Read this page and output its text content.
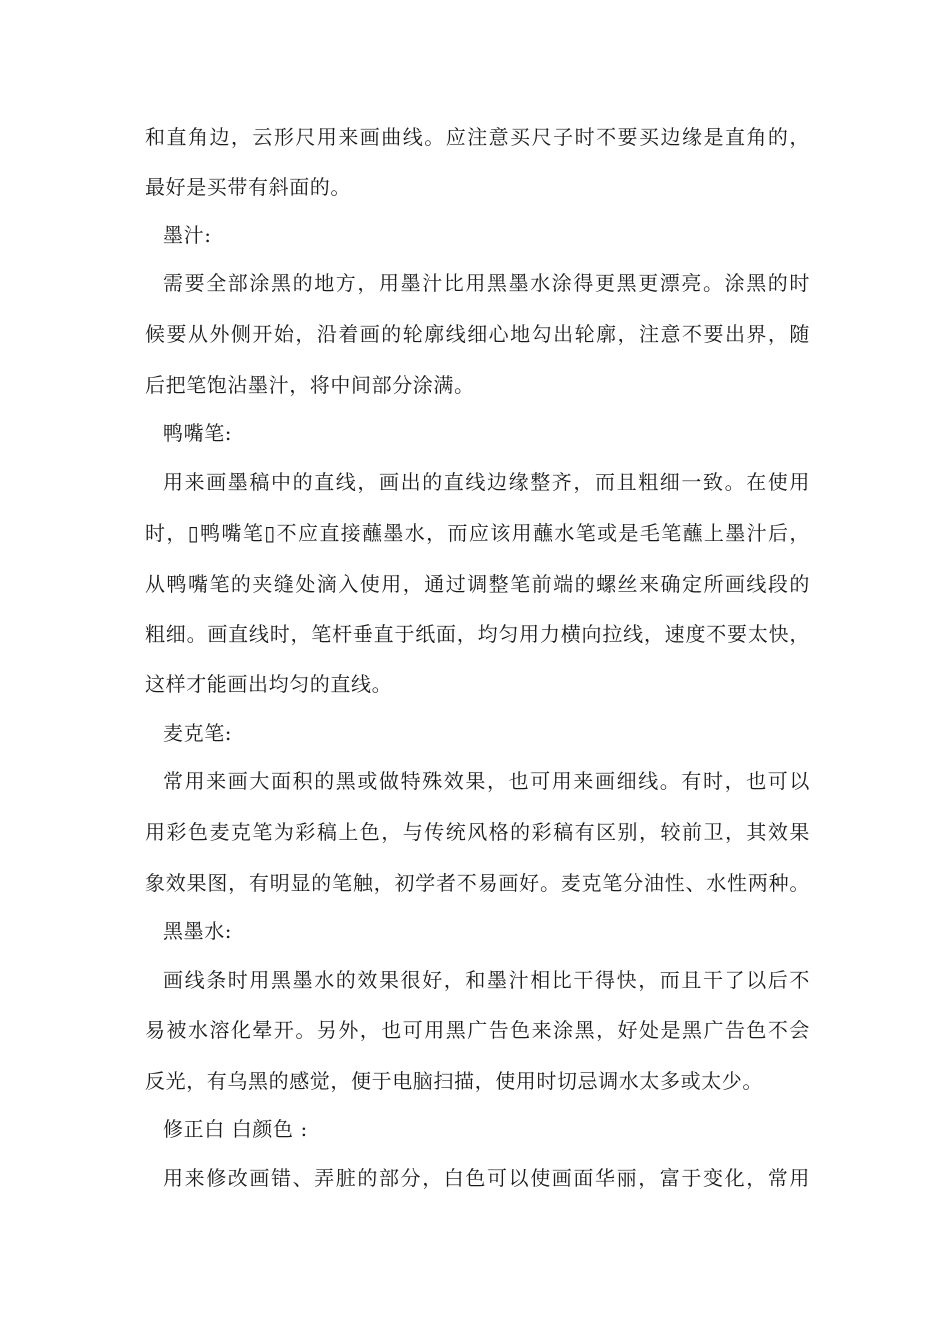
和直角边，云形尺用来画曲线。应注意买尺子时不要买边缘是直角的，
最好是买带有斜面的。
墨汁:
需要全部涂黑的地方，用墨汁比用黑墨水涂得更黑更漂亮。涂黑的时
候要从外侧开始，沿着画的轮廓线细心地勾出轮廓，注意不要出界，随
后把笔饱沾墨汁，将中间部分涂满。
鸭嘴笔:
用来画墨稿中的直线，画出的直线边缘整齐，而且粗细一致。在使用
时，▯鸭嘴笔▯不应直接蘸墨水，而应该用蘸水笔或是毛笔蘸上墨汁后，
从鸭嘴笔的夹缝处滴入使用，通过调整笔前端的螺丝来确定所画线段的
粗细。画直线时，笔杆垂直于纸面，均匀用力横向拉线，速度不要太快，
这样才能画出均匀的直线。
麦克笔:
常用来画大面积的黑或做特殊效果，也可用来画细线。有时，也可以
用彩色麦克笔为彩稿上色，与传统风格的彩稿有区别，较前卫，其效果
象效果图，有明显的笔触，初学者不易画好。麦克笔分油性、水性两种。
黑墨水:
画线条时用黑墨水的效果很好，和墨汁相比干得快，而且干了以后不
易被水溶化晕开。另外，也可用黑广告色来涂黑，好处是黑广告色不会
反光，有乌黑的感觉，便于电脑扫描，使用时切忌调水太多或太少。
修正白 白颜色 :
用来修改画错、弄脏的部分，白色可以使画面华丽，富于变化，常用
